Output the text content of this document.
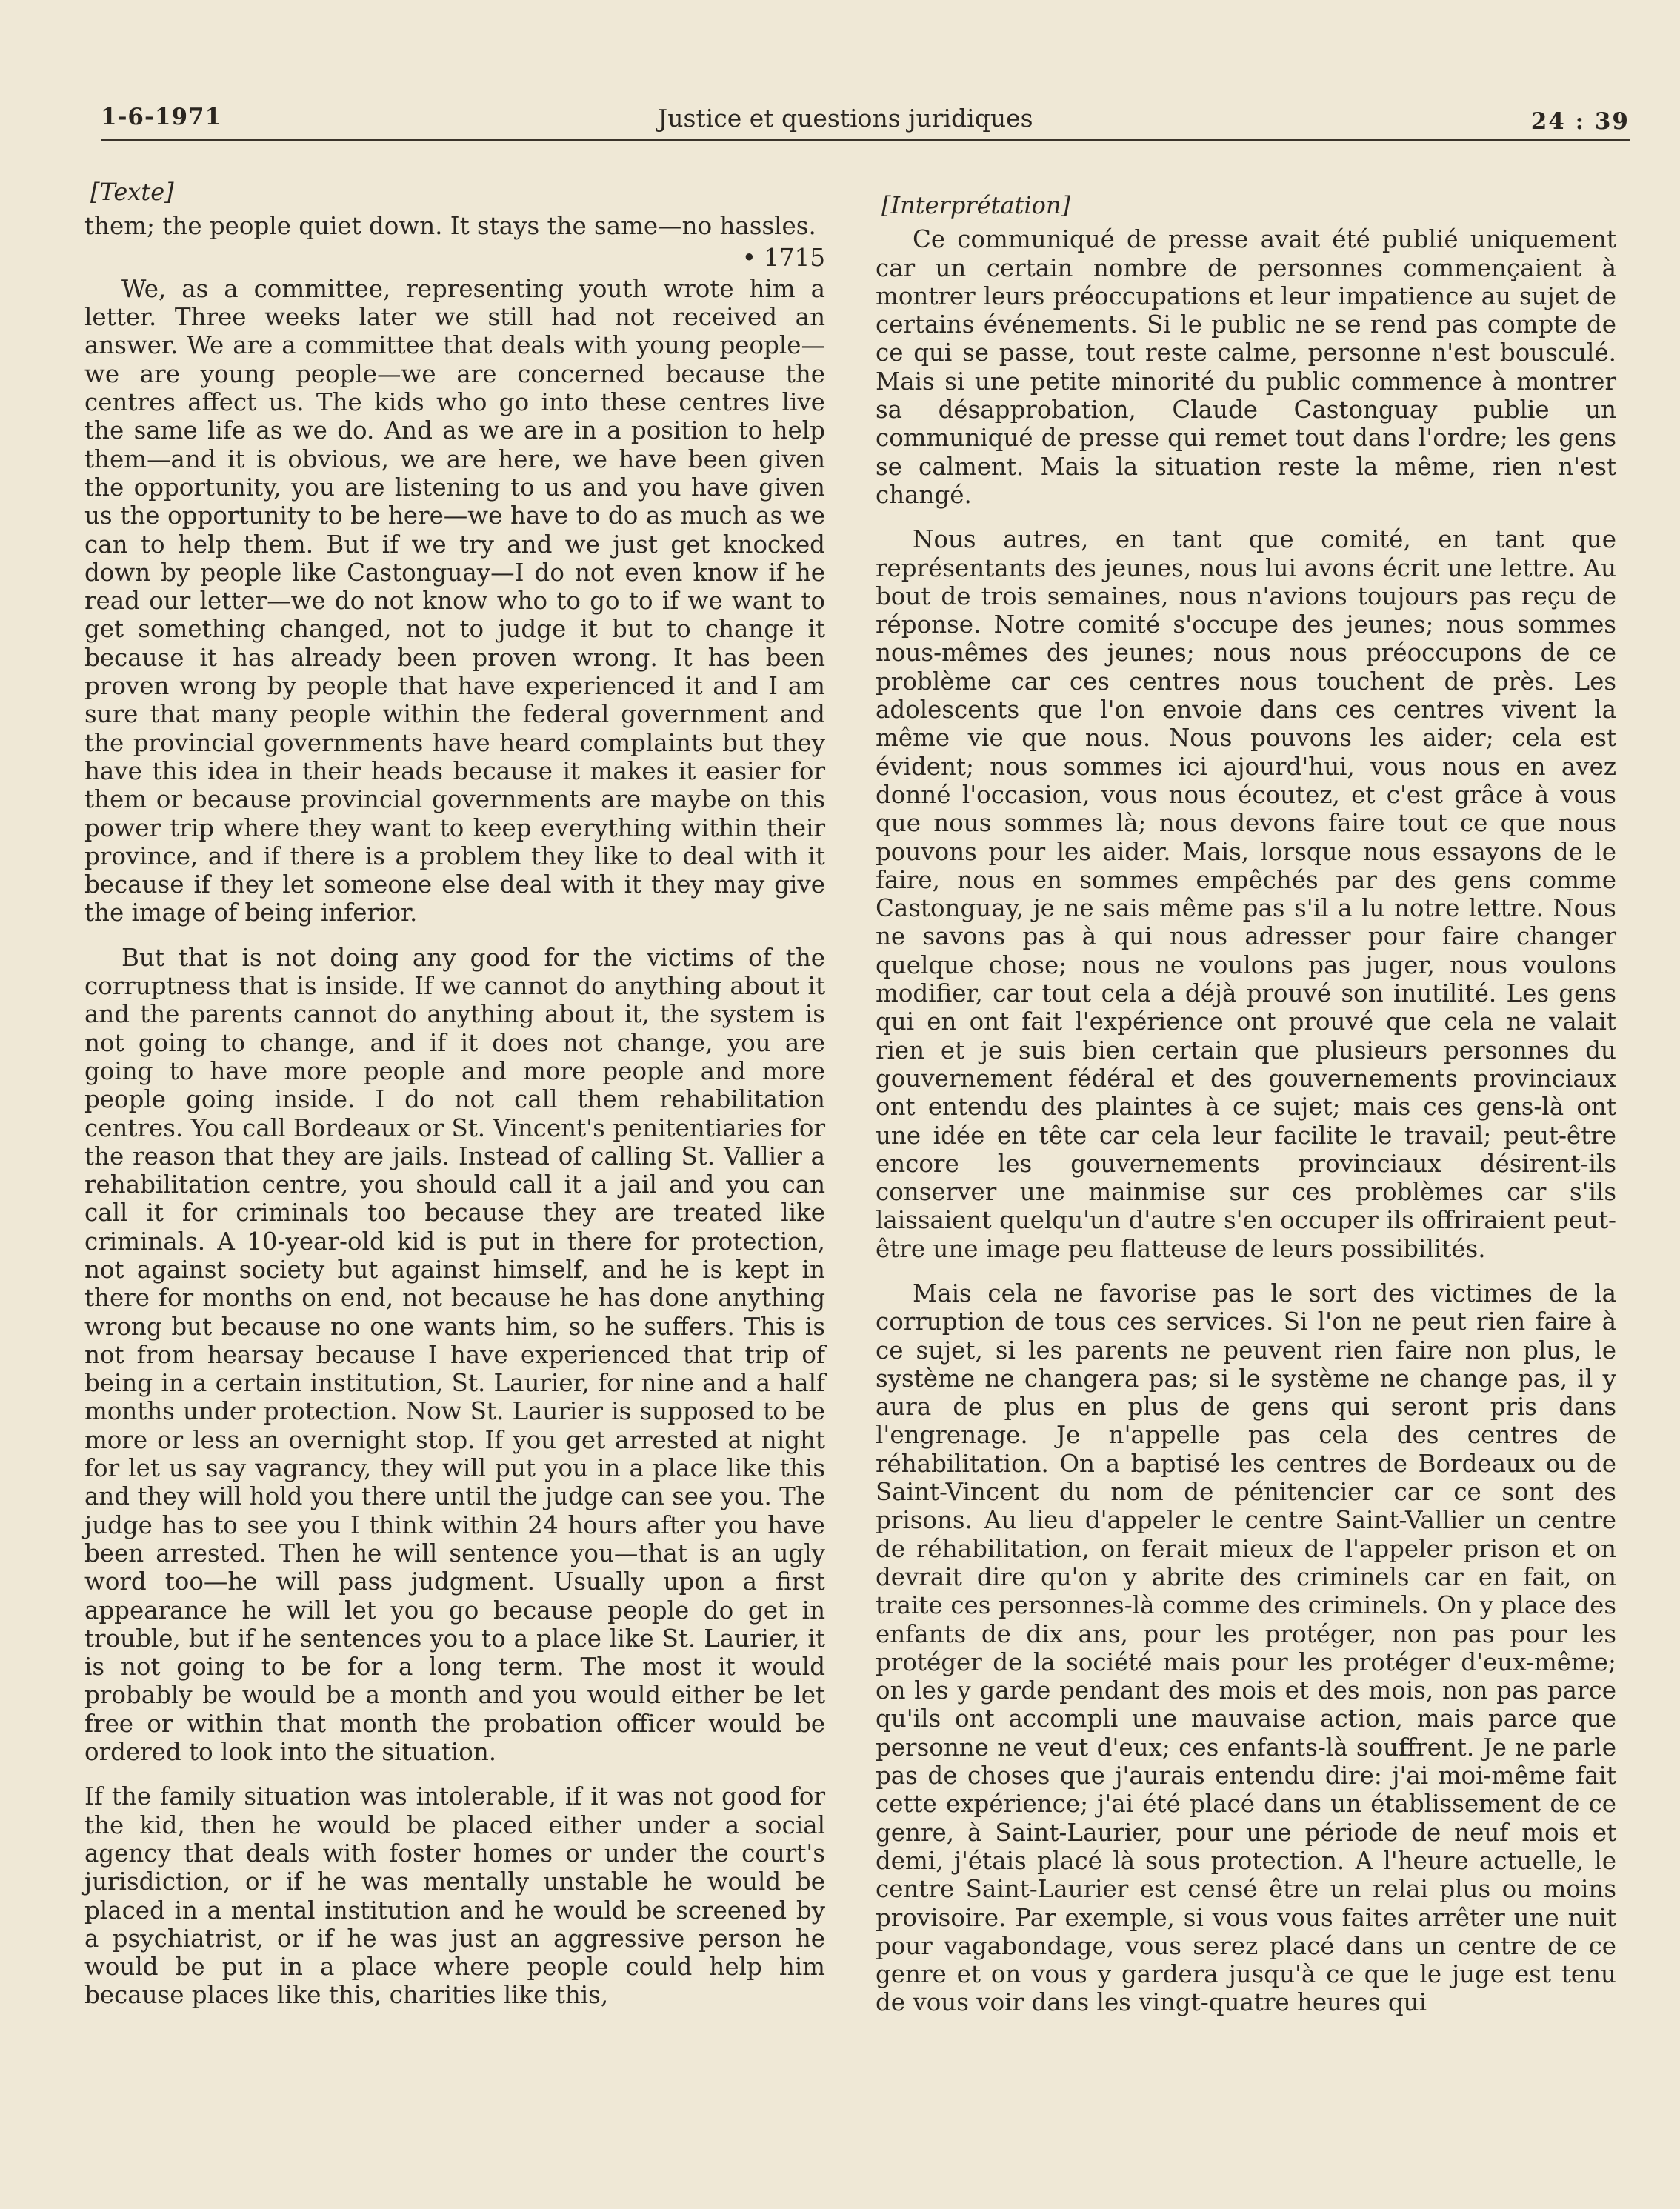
1-6-1971	Justice et questions juridiques	24 : 39
[Texte]

them; the people quiet down. It stays the same—no hassles.

• 1715

We, as a committee, representing youth wrote him a letter. Three weeks later we still had not received an answer. We are a committee that deals with young people—we are young people—we are concerned because the centres affect us. The kids who go into these centres live the same life as we do. And as we are in a position to help them—and it is obvious, we are here, we have been given the opportunity, you are listening to us and you have given us the opportunity to be here—we have to do as much as we can to help them. But if we try and we just get knocked down by people like Castonguay—I do not even know if he read our letter—we do not know who to go to if we want to get something changed, not to judge it but to change it because it has already been proven wrong. It has been proven wrong by people that have experienced it and I am sure that many people within the federal government and the provincial governments have heard complaints but they have this idea in their heads because it makes it easier for them or because provincial governments are maybe on this power trip where they want to keep everything within their province, and if there is a problem they like to deal with it because if they let someone else deal with it they may give the image of being inferior.

But that is not doing any good for the victims of the corruptness that is inside. If we cannot do anything about it and the parents cannot do anything about it, the system is not going to change, and if it does not change, you are going to have more people and more people and more people going inside. I do not call them rehabilitation centres. You call Bordeaux or St. Vincent's penitentiaries for the reason that they are jails. Instead of calling St. Vallier a rehabilitation centre, you should call it a jail and you can call it for criminals too because they are treated like criminals. A 10-year-old kid is put in there for protection, not against society but against himself, and he is kept in there for months on end, not because he has done anything wrong but because no one wants him, so he suffers. This is not from hearsay because I have experienced that trip of being in a certain institution, St. Laurier, for nine and a half months under protection. Now St. Laurier is supposed to be more or less an overnight stop. If you get arrested at night for let us say vagrancy, they will put you in a place like this and they will hold you there until the judge can see you. The judge has to see you I think within 24 hours after you have been arrested. Then he will sentence you—that is an ugly word too—he will pass judgment. Usually upon a first appearance he will let you go because people do get in trouble, but if he sentences you to a place like St. Laurier, it is not going to be for a long term. The most it would probably be would be a month and you would either be let free or within that month the probation officer would be ordered to look into the situation.

If the family situation was intolerable, if it was not good for the kid, then he would be placed either under a social agency that deals with foster homes or under the court's jurisdiction, or if he was mentally unstable he would be placed in a mental institution and he would be screened by a psychiatrist, or if he was just an aggressive person he would be put in a place where people could help him because places like this, charities like this,

[Interprétation]

Ce communiqué de presse avait été publié uniquement car un certain nombre de personnes commençaient à montrer leurs préoccupations et leur impatience au sujet de certains événements. Si le public ne se rend pas compte de ce qui se passe, tout reste calme, personne n'est bousculé. Mais si une petite minorité du public commence à montrer sa désapprobation, Claude Castonguay publie un communiqué de presse qui remet tout dans l'ordre; les gens se calment. Mais la situation reste la même, rien n'est changé.

Nous autres, en tant que comité, en tant que représentants des jeunes, nous lui avons écrit une lettre. Au bout de trois semaines, nous n'avions toujours pas reçu de réponse. Notre comité s'occupe des jeunes; nous sommes nous-mêmes des jeunes; nous nous préoccupons de ce problème car ces centres nous touchent de près. Les adolescents que l'on envoie dans ces centres vivent la même vie que nous. Nous pouvons les aider; cela est évident; nous sommes ici ajourd'hui, vous nous en avez donné l'occasion, vous nous écoutez, et c'est grâce à vous que nous sommes là; nous devons faire tout ce que nous pouvons pour les aider. Mais, lorsque nous essayons de le faire, nous en sommes empêchés par des gens comme Castonguay, je ne sais même pas s'il a lu notre lettre. Nous ne savons pas à qui nous adresser pour faire changer quelque chose; nous ne voulons pas juger, nous voulons modifier, car tout cela a déjà prouvé son inutilité. Les gens qui en ont fait l'expérience ont prouvé que cela ne valait rien et je suis bien certain que plusieurs personnes du gouvernement fédéral et des gouvernements provinciaux ont entendu des plaintes à ce sujet; mais ces gens-là ont une idée en tête car cela leur facilite le travail; peut-être encore les gouvernements provinciaux désirent-ils conserver une mainmise sur ces problèmes car s'ils laissaient quelqu'un d'autre s'en occuper ils offriraient peut-être une image peu flatteuse de leurs possibilités.

Mais cela ne favorise pas le sort des victimes de la corruption de tous ces services. Si l'on ne peut rien faire à ce sujet, si les parents ne peuvent rien faire non plus, le système ne changera pas; si le système ne change pas, il y aura de plus en plus de gens qui seront pris dans l'engrenage. Je n'appelle pas cela des centres de réhabilitation. On a baptisé les centres de Bordeaux ou de Saint-Vincent du nom de pénitencier car ce sont des prisons. Au lieu d'appeler le centre Saint-Vallier un centre de réhabilitation, on ferait mieux de l'appeler prison et on devrait dire qu'on y abrite des criminels car en fait, on traite ces personnes-là comme des criminels. On y place des enfants de dix ans, pour les protéger, non pas pour les protéger de la société mais pour les protéger d'eux-même; on les y garde pendant des mois et des mois, non pas parce qu'ils ont accompli une mauvaise action, mais parce que personne ne veut d'eux; ces enfants-là souffrent. Je ne parle pas de choses que j'aurais entendu dire: j'ai moi-même fait cette expérience; j'ai été placé dans un établissement de ce genre, à Saint-Laurier, pour une période de neuf mois et demi, j'étais placé là sous protection. A l'heure actuelle, le centre Saint-Laurier est censé être un relai plus ou moins provisoire. Par exemple, si vous vous faites arrêter une nuit pour vagabondage, vous serez placé dans un centre de ce genre et on vous y gardera jusqu'à ce que le juge est tenu de vous voir dans les vingt-quatre heures qui
